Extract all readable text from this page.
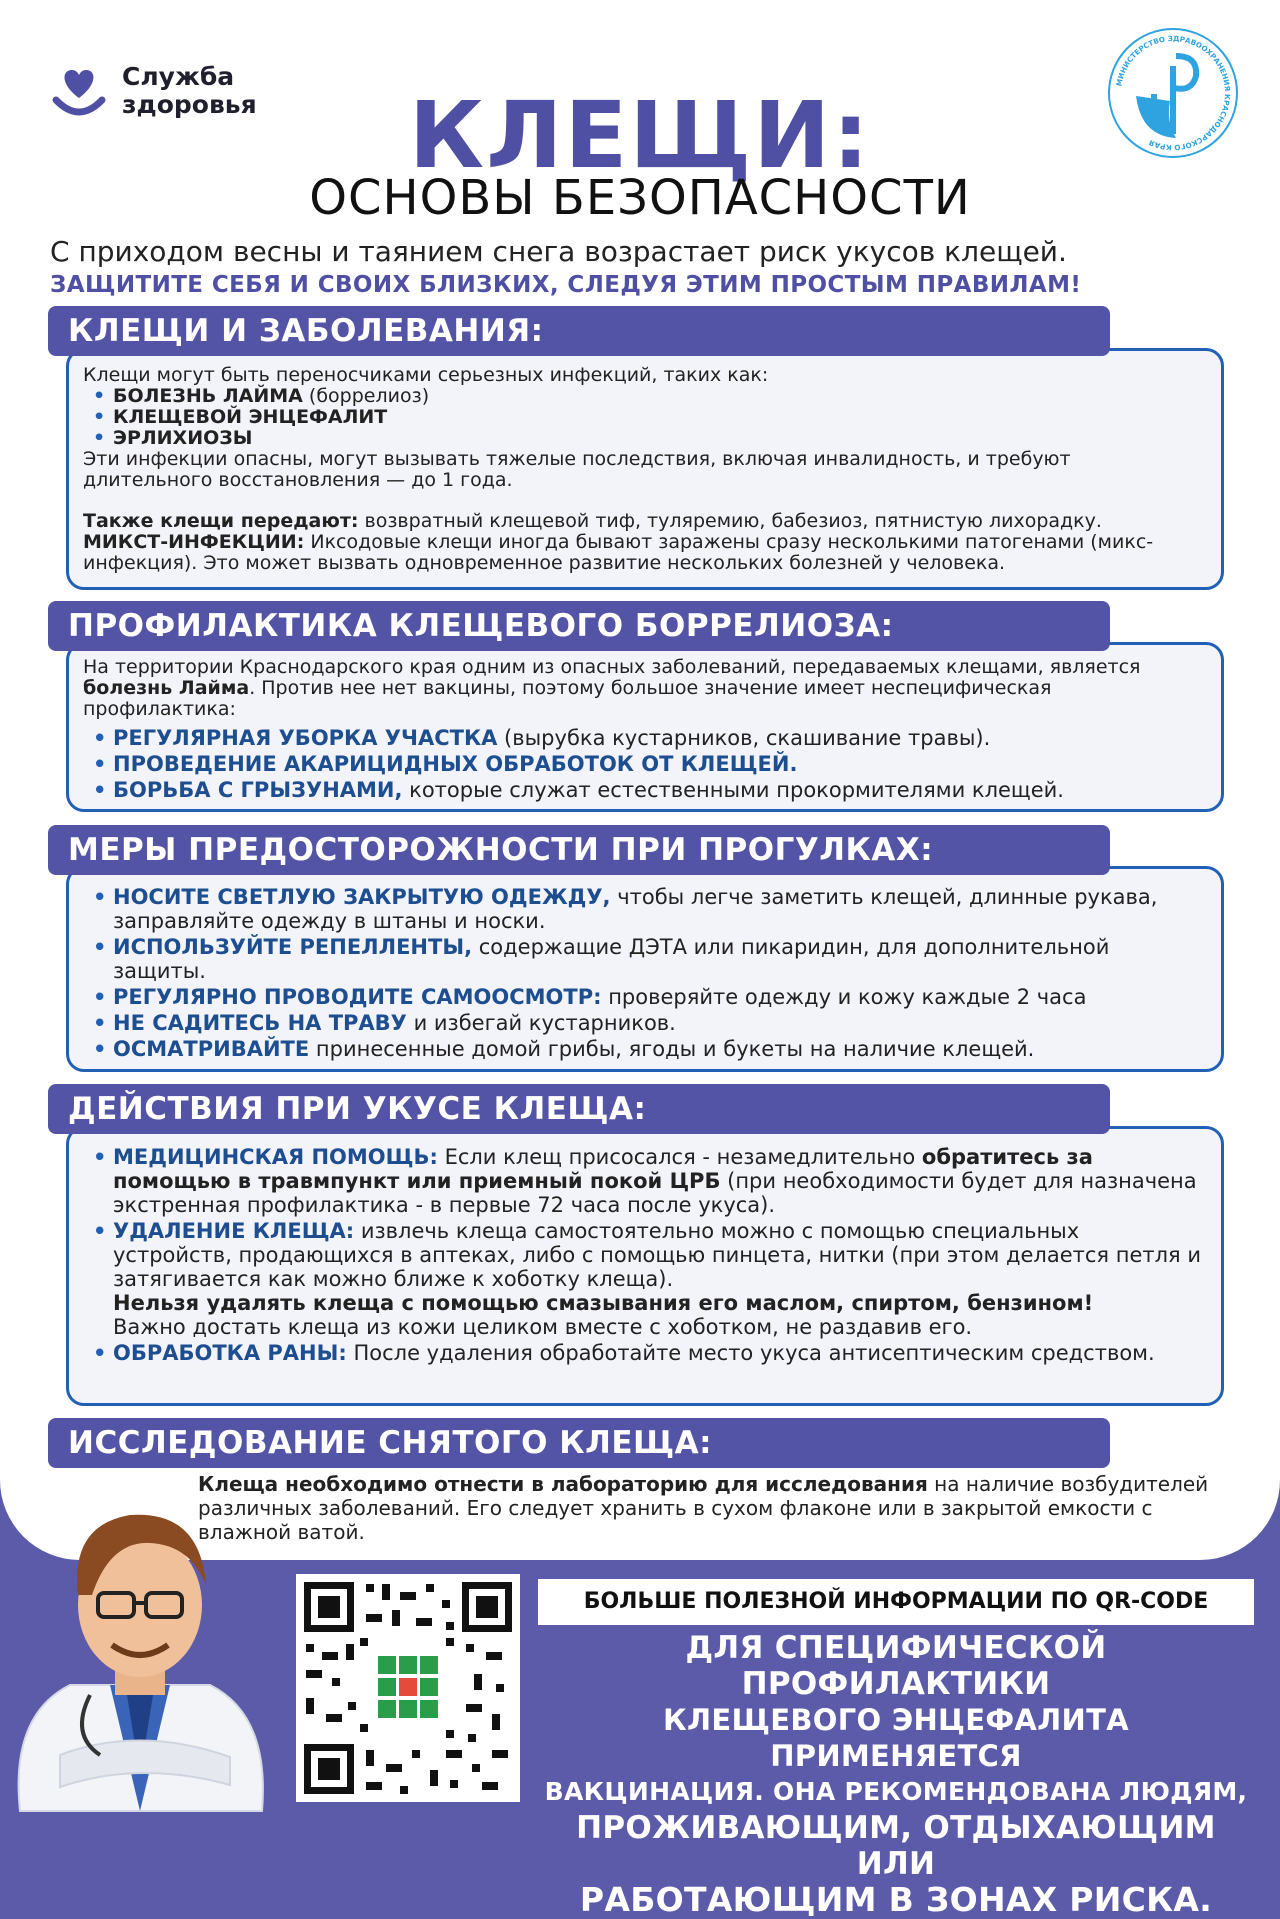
Служба
здоровья
МИНИСТЕРСТВО ЗДРАВООХРАНЕНИЯ КРАСНОДАРСКОГО КРАЯ
КЛЕЩИ:
ОСНОВЫ БЕЗОПАСНОСТИ
С приходом весны и таянием снега возрастает риск укусов клещей.
ЗАЩИТИТЕ СЕБЯ И СВОИХ БЛИЗКИХ, СЛЕДУЯ ЭТИМ ПРОСТЫМ ПРАВИЛАМ!
Клещи могут быть переносчиками серьезных инфекций, таких как:
• БОЛЕЗНЬ ЛАЙМА (боррелиоз)
• КЛЕЩЕВОЙ ЭНЦЕФАЛИТ
• ЭРЛИХИОЗЫ
Эти инфекции опасны, могут вызывать тяжелые последствия, включая инвалидность, и требуют длительного восстановления — до 1 года.
Также клещи передают: возвратный клещевой тиф, туляремию, бабезиоз, пятнистую лихорадку.
МИКСТ-ИНФЕКЦИИ: Иксодовые клещи иногда бывают заражены сразу несколькими патогенами (микс-инфекция). Это может вызвать одновременное развитие нескольких болезней у человека.
КЛЕЩИ И ЗАБОЛЕВАНИЯ:
На территории Краснодарского края одним из опасных заболеваний, передаваемых клещами, является болезнь Лайма. Против нее нет вакцины, поэтому большое значение имеет неспецифическая профилактика:
• РЕГУЛЯРНАЯ УБОРКА УЧАСТКА (вырубка кустарников, скашивание травы).
• ПРОВЕДЕНИЕ АКАРИЦИДНЫХ ОБРАБОТОК ОТ КЛЕЩЕЙ.
• БОРЬБА С ГРЫЗУНАМИ, которые служат естественными прокормителями клещей.
ПРОФИЛАКТИКА КЛЕЩЕВОГО БОРРЕЛИОЗА:
• НОСИТЕ СВЕТЛУЮ ЗАКРЫТУЮ ОДЕЖДУ, чтобы легче заметить клещей, длинные рукава, заправляйте одежду в штаны и носки.
• ИСПОЛЬЗУЙТЕ РЕПЕЛЛЕНТЫ, содержащие ДЭТА или пикаридин, для дополнительной защиты.
• РЕГУЛЯРНО ПРОВОДИТЕ САМООСМОТР: проверяйте одежду и кожу каждые 2 часа
• НЕ САДИТЕСЬ НА ТРАВУ и избегай кустарников.
• ОСМАТРИВАЙТЕ принесенные домой грибы, ягоды и букеты на наличие клещей.
МЕРЫ ПРЕДОСТОРОЖНОСТИ ПРИ ПРОГУЛКАХ:
• МЕДИЦИНСКАЯ ПОМОЩЬ: Если клещ присосался - незамедлительно обратитесь за помощью в травмпункт или приемный покой ЦРБ (при необходимости будет для назначена экстренная профилактика - в первые 72 часа после укуса).
• УДАЛЕНИЕ КЛЕЩА: извлечь клеща самостоятельно можно с помощью специальных устройств, продающихся в аптеках, либо с помощью пинцета, нитки (при этом делается петля и затягивается как можно ближе к хоботку клеща).
Нельзя удалять клеща с помощью смазывания его маслом, спиртом, бензином!
Важно достать клеща из кожи целиком вместе с хоботком, не раздавив его.
• ОБРАБОТКА РАНЫ: После удаления обработайте место укуса антисептическим средством.
ДЕЙСТВИЯ ПРИ УКУСЕ КЛЕЩА:
ИССЛЕДОВАНИЕ СНЯТОГО КЛЕЩА:
Клеща необходимо отнести в лабораторию для исследования на наличие возбудителей различных заболеваний. Его следует хранить в сухом флаконе или в закрытой емкости с влажной ватой.
БОЛЬШЕ ПОЛЕЗНОЙ ИНФОРМАЦИИ ПО QR-CODE
ДЛЯ СПЕЦИФИЧЕСКОЙ ПРОФИЛАКТИКИ
КЛЕЩЕВОГО ЭНЦЕФАЛИТА ПРИМЕНЯЕТСЯ
ВАКЦИНАЦИЯ. ОНА РЕКОМЕНДОВАНА ЛЮДЯМ,
ПРОЖИВАЮЩИМ, ОТДЫХАЮЩИМ ИЛИ
РАБОТАЮЩИМ В ЗОНАХ РИСКА.
